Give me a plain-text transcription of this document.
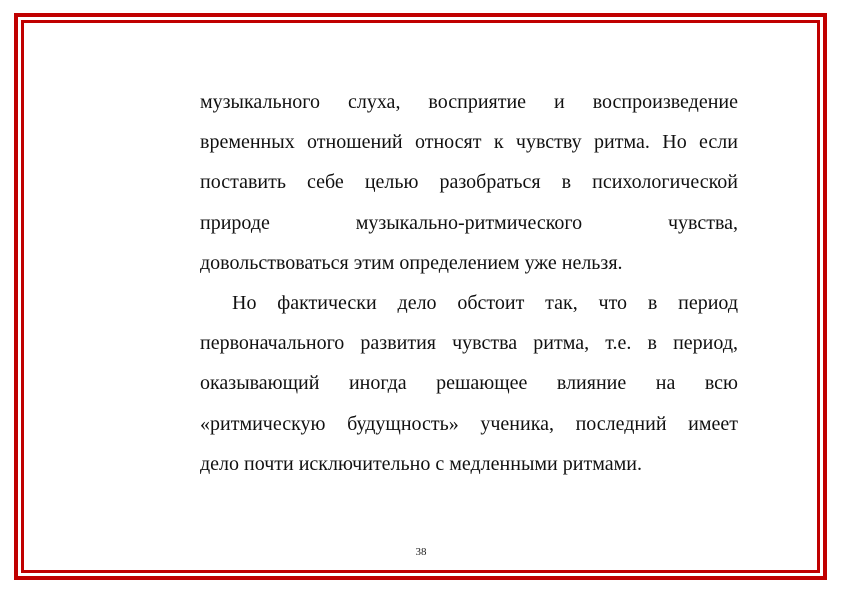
музыкального слуха, восприятие и воспроизведение
временных отношений относят к чувству ритма. Но если
поставить себе целью разобраться в психологической
природе музыкально-ритмического чувства,
довольствоваться этим определением уже нельзя.
Но фактически дело обстоит так, что в период
первоначального развития чувства ритма, т.е. в период,
оказывающий иногда решающее влияние на всю
«ритмическую будущность» ученика, последний имеет
дело почти исключительно с медленными ритмами.
38
